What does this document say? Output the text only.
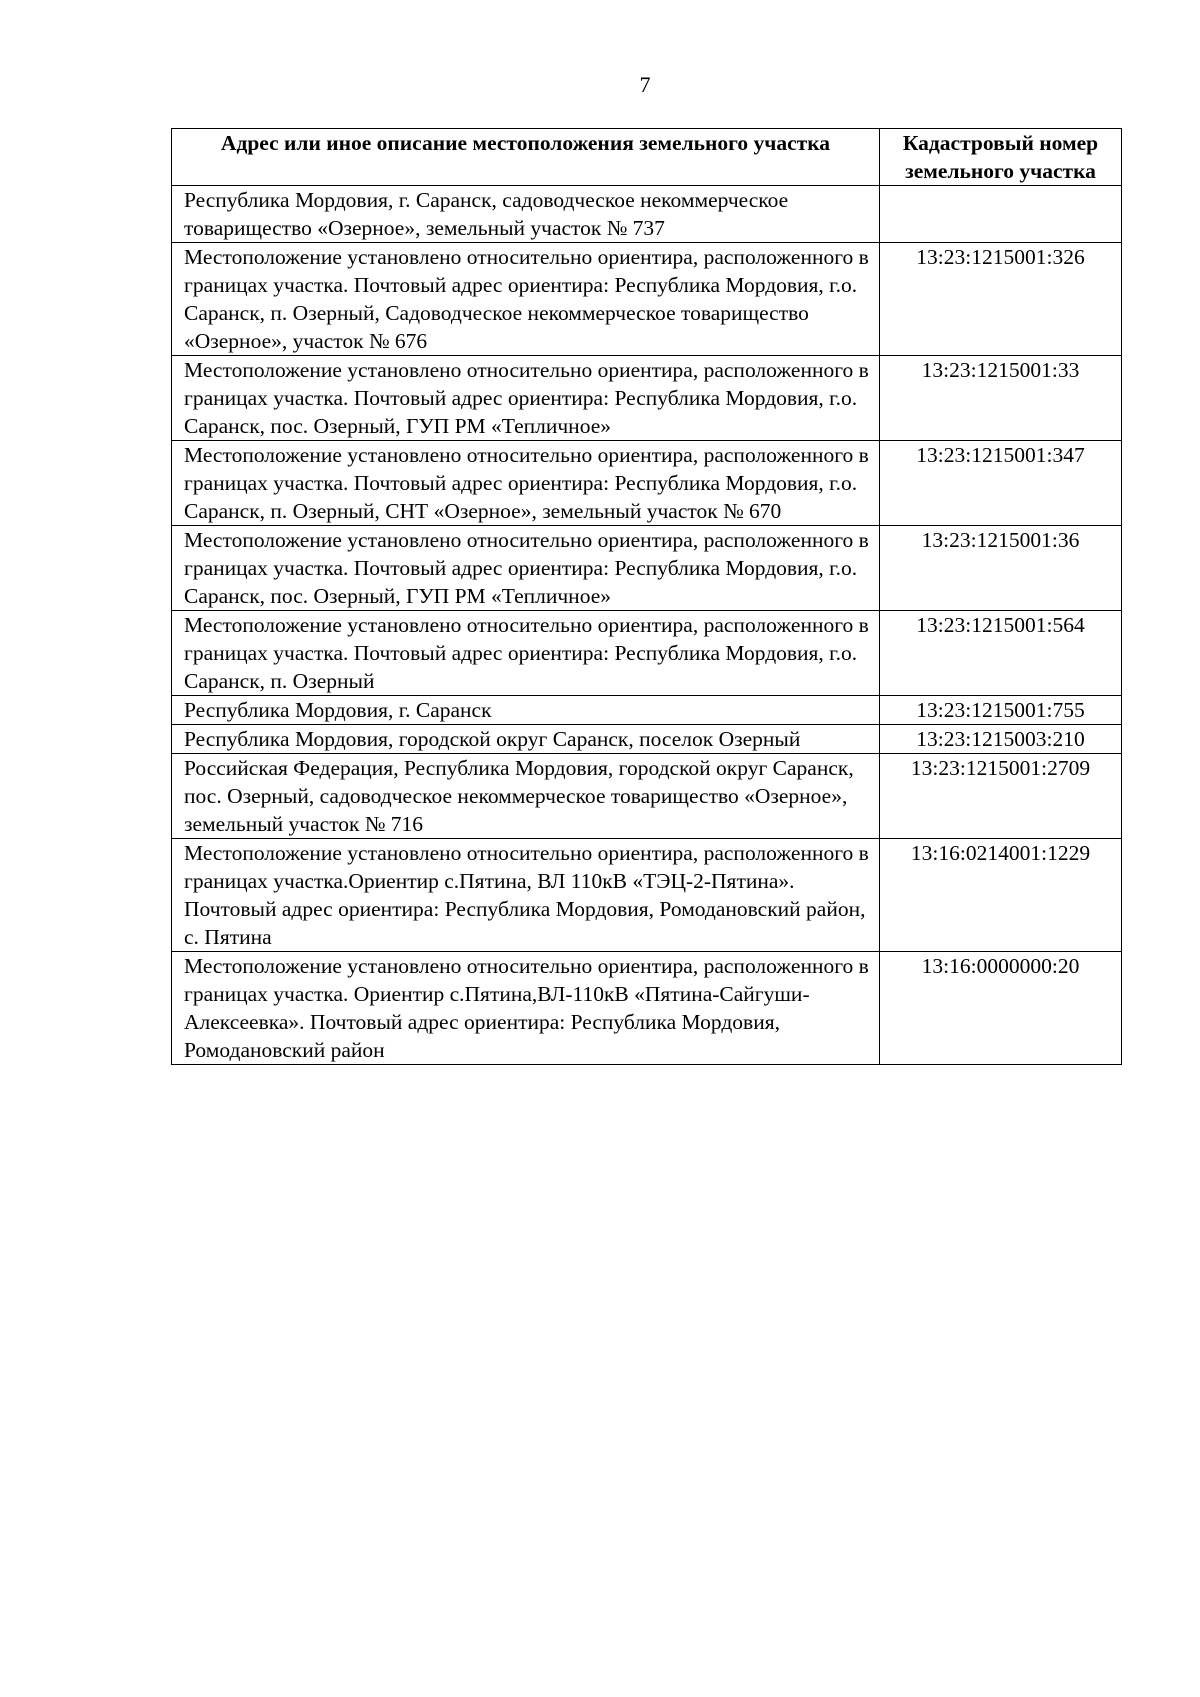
7
Адрес или иное описание местоположения земельного участка	Кадастровый номер земельного участка
Республика Мордовия, г. Саранск, садоводческое некоммерческое товарищество «Озерное», земельный участок № 737	
Местоположение установлено относительно ориентира, расположенного в границах участка. Почтовый адрес ориентира: Республика Мордовия, г.о. Саранск, п. Озерный, Садоводческое некоммерческое товарищество «Озерное», участок № 676	13:23:1215001:326
Местоположение установлено относительно ориентира, расположенного в границах участка. Почтовый адрес ориентира: Республика Мордовия, г.о. Саранск, пос. Озерный, ГУП РМ «Тепличное»	13:23:1215001:33
Местоположение установлено относительно ориентира, расположенного в границах участка. Почтовый адрес ориентира: Республика Мордовия, г.о. Саранск, п. Озерный, СНТ «Озерное», земельный участок № 670	13:23:1215001:347
Местоположение установлено относительно ориентира, расположенного в границах участка. Почтовый адрес ориентира: Республика Мордовия, г.о. Саранск, пос. Озерный, ГУП РМ «Тепличное»	13:23:1215001:36
Местоположение установлено относительно ориентира, расположенного в границах участка. Почтовый адрес ориентира: Республика Мордовия, г.о. Саранск, п. Озерный	13:23:1215001:564
Республика Мордовия, г. Саранск	13:23:1215001:755
Республика Мордовия, городской округ Саранск, поселок Озерный	13:23:1215003:210
Российская Федерация, Республика Мордовия, городской округ Саранск, пос. Озерный, садоводческое некоммерческое товарищество «Озерное», земельный участок № 716	13:23:1215001:2709
Местоположение установлено относительно ориентира, расположенного в границах участка.Ориентир с.Пятина, ВЛ 110кВ «ТЭЦ-2-Пятина». Почтовый адрес ориентира: Республика Мордовия, Ромодановский район, с. Пятина	13:16:0214001:1229
Местоположение установлено относительно ориентира, расположенного в границах участка. Ориентир с.Пятина,ВЛ-110кВ «Пятина-Сайгуши-Алексеевка». Почтовый адрес ориентира: Республика Мордовия, Ромодановский район	13:16:0000000:20
